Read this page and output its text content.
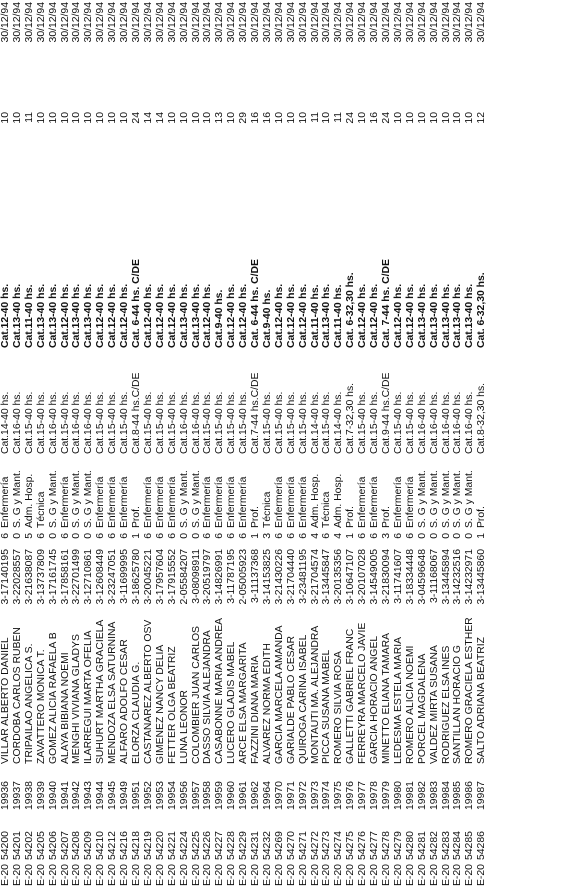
E-20	54200	19936	VILLAR ALBERTO DANIEL	3-17140195	6	Enfermería	Cat.14-40 hs.	Cat.12-40 hs.	10	30/12/94
E-20	54201	19937	CORDOBA CARLOS RUBEN	3-22028557	0	S. G y Mant.	Cat.16-40 hs.	Cat.13-40 hs.	10	30/12/94
E-20	54202	19938	TRIPAILAO ANGELICA S.	3-21638087	5	Adm. Hosp.	Cat.15-40 hs.	Cat.11-40 hs.	11	30/12/94
E-20	54205	19939	ZAVATTERO MONICA T.	3-13737809	6	Técnica	Cat.15-40 hs.	Cat.13-40 hs.	10	30/12/94
E-20	54206	19940	GOMEZ ALICIA RAFAELA B	3-17161745	0	S. G y Mant.	Cat.16-40 hs.	Cat.13-40 hs.	10	30/12/94
E-20	54207	19941	ALAYA BIBIANA NOEMI	3-17858161	6	Enfermería	Cat.15-40 hs.	Cat.12-40 hs.	10	30/12/94
E-20	54208	19942	MENGHI VIVIANA GLADYS	3-22701499	0	S. G y Mant.	Cat.16-40 hs.	Cat.13-40 hs.	10	30/12/94
E-20	54209	19943	ILARREGUI MARTA OFELIA	3-12710861	0	S. G y Mant.	Cat.16-40 hs.	Cat.13-40 hs.	10	30/12/94
E-20	54210	19944	SUHURT MARTHA GRACIELA	3-12608449	6	Enfermería	Cat.15-40 hs.	Cat.12-40 hs.	10	30/12/94
E-20	54212	19945	MENDOZA ELSA SATURNINA	3-23247051	6	Enfermería	Cat.15-40 hs.	Cat.12-40 hs.	10	30/12/94
E-20	54216	19949	ALFARO ADOLFO CESAR	3-11699995	6	Enfermería	Cat.15-40 hs.	Cat.12-40 hs.	10	30/12/94
E-20	54218	19951	ELORZA CLAUDIA G.	3-18625780	1	Prof.	Cat.8-44 hs.C/DE	Cat. 6-44 hs. C/DE	24	30/12/94
E-20	54219	19952	CASTAÑAREZ ALBERTO OSV	3-20045221	6	Enfermería	Cat.15-40 hs.	Cat.12-40 hs.	14	30/12/94
E-20	54220	19953	GIMENEZ NANCY DELIA	3-17957604	6	Enfermería	Cat.15-40 hs.	Cat.12-40 hs.	14	30/12/94
E-20	54221	19954	FETTER OLGA BEATRIZ	3-17915552	6	Enfermería	Cat.15-40 hs.	Cat.12-40 hs.	10	30/12/94
E-20	54224	19956	LUNA LEONOR	2-05584207	0	S. G y Mant.	Cat.16-40 hs.	Cat.13-40 hs.	10	30/12/94
E-20	54225	19957	COLOMBIER JUAN CARLOS	3-08098911	0	S. G y Mant.	Cat.16-40 hs.	Cat.13-40 hs.	10	30/12/94
E-20	54226	19958	DASSO SILVIA ALEJANDRA	3-20519797	6	Enfermería	Cat.15-40 hs.	Cat.12-40 hs.	10	30/12/94
E-20	54227	19959	CASABONNE MARIA ANDREA	3-14826991	6	Enfermería	Cat.15-40 hs.	Cat.9-40 hs.	13	30/12/94
E-20	54228	19960	LUCERO GLADIS MABEL	3-11787195	6	Enfermería	Cat.15-40 hs.	Cat.12-40 hs.	10	30/12/94
E-20	54229	19961	ARCE ELSA MARGARITA	2-05005923	6	Enfermería	Cat.15-40 hs.	Cat.12-40 hs.	29	30/12/94
E-20	54231	19962	FAZZINI DIANA MARIA	3-11137368	1	Prof.	Cat.7-44 hs.C/DE	Cat. 6-44 hs. C/DE	16	30/12/94
E-20	54232	19964	ALVAREZ NORMA EDITH	3-14153825	3	Técnica	Cat.15-40 hs.	Cat.9-40 hs.	16	30/12/94
E-20	54269	19970	GARCIA MARCELA AMANDA	3-21430226	6	Enfermería	Cat.15-40 hs.	Cat.12-40 hs.	10	30/12/94
E-20	54270	19971	GARIALDE PABLO CESAR	3-21704440	6	Enfermería	Cat.15-40 hs.	Cat.12-40 hs.	10	30/12/94
E-20	54271	19972	QUIROGA CARINA ISABEL	3-23481195	6	Enfermería	Cat.15-40 hs.	Cat.12-40 hs.	10	30/12/94
E-20	54272	19973	MONTAUTI MA. ALEJANDRA	3-21704574	4	Adm. Hosp.	Cat.14-40 hs.	Cat.11-40 hs.	11	30/12/94
E-20	54273	19974	PICCA SUSANA MABEL	3-13445847	6	Técnica	Cat.15-40 hs.	Cat.13-40 hs.	10	30/12/94
E-20	54274	19975	ROMERO SILVIA ROSA	3-20135356	4	Adm. Hosp.	Cat.14-40 hs.	Cat.11-40 hs.	11	30/12/94
E-20	54275	19976	GALLETTI GABRIEL FRANC	3-10647107	1	Prof.	Cat.7-32,30 hs.	Cat. 6-32,30 hs.	24	30/12/94
E-20	54276	19977	FERREYRA MARCELO JAVIE	3-20107028	6	Enfermería	Cat.15-40 hs.	Cat.12-40 hs.	10	30/12/94
E-20	54277	19978	GARCIA HORACIO ANGEL	3-14549005	6	Enfermería	Cat.15-40 hs.	Cat.12-40 hs.	16	30/12/94
E-20	54278	19979	MINETTO ELIANA TAMARA	3-21830094	3	Prof.	Cat.9-44 hs.C/DE	Cat. 7-44 hs. C/DE	24	30/12/94
E-20	54279	19980	LEDESMA ESTELA MARIA	3-11741607	6	Enfermería	Cat.15-40 hs.	Cat.12-40 hs.	10	30/12/94
E-20	54280	19981	ROMERO ALICIA NOEMI	3-18334448	6	Enfermería	Cat.15-40 hs.	Cat.12-40 hs.	10	30/12/94
E-20	54281	19982	PORCEL MAGDALENA	3-04596648	0	S. G y Mant.	Cat.16-40 hs.	Cat.13-40 hs.	10	30/12/94
E-20	54282	19983	VALDEZ MIRTA SUSANA	3-11168067	0	S. G y Mant.	Cat.16-40 hs.	Cat.13-40 hs.	10	30/12/94
E-20	54283	19984	RODRIGUEZ ELSA INES	3-13445894	0	S. G y Mant.	Cat.16-40 hs.	Cat.13-40 hs.	10	30/12/94
E-20	54284	19985	SANTILLAN HORACIO G	3-14232516	0	S. G y Mant.	Cat.16-40 hs.	Cat.13-40 hs.	10	30/12/94
E-20	54285	19986	ROMERO GRACIELA ESTHER	3-14232971	0	S. G y Mant.	Cat.16-40 hs.	Cat.13-40 hs.	10	30/12/94
E-20	54286	19987	SALTO ADRIANA BEATRIZ	3-13445860	1	Prof.	Cat.8-32,30 hs.	Cat. 6-32,30 hs.	12	30/12/94
